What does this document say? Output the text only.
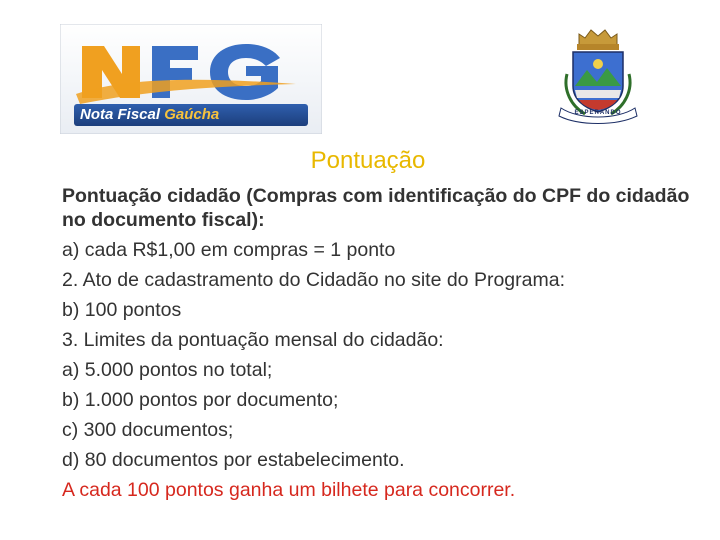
Nota Fiscal Gaúcha	ESPERANDO
Pontuação
Pontuação cidadão (Compras com identificação do CPF do cidadão no documento fiscal):
a) cada R$1,00 em compras = 1 ponto
2. Ato de cadastramento do Cidadão no site do Programa:
b) 100 pontos
3. Limites da pontuação mensal do cidadão:
a) 5.000 pontos no total;
b) 1.000 pontos por documento;
c) 300 documentos;
d) 80 documentos por estabelecimento.
A cada 100 pontos ganha um bilhete para concorrer.
